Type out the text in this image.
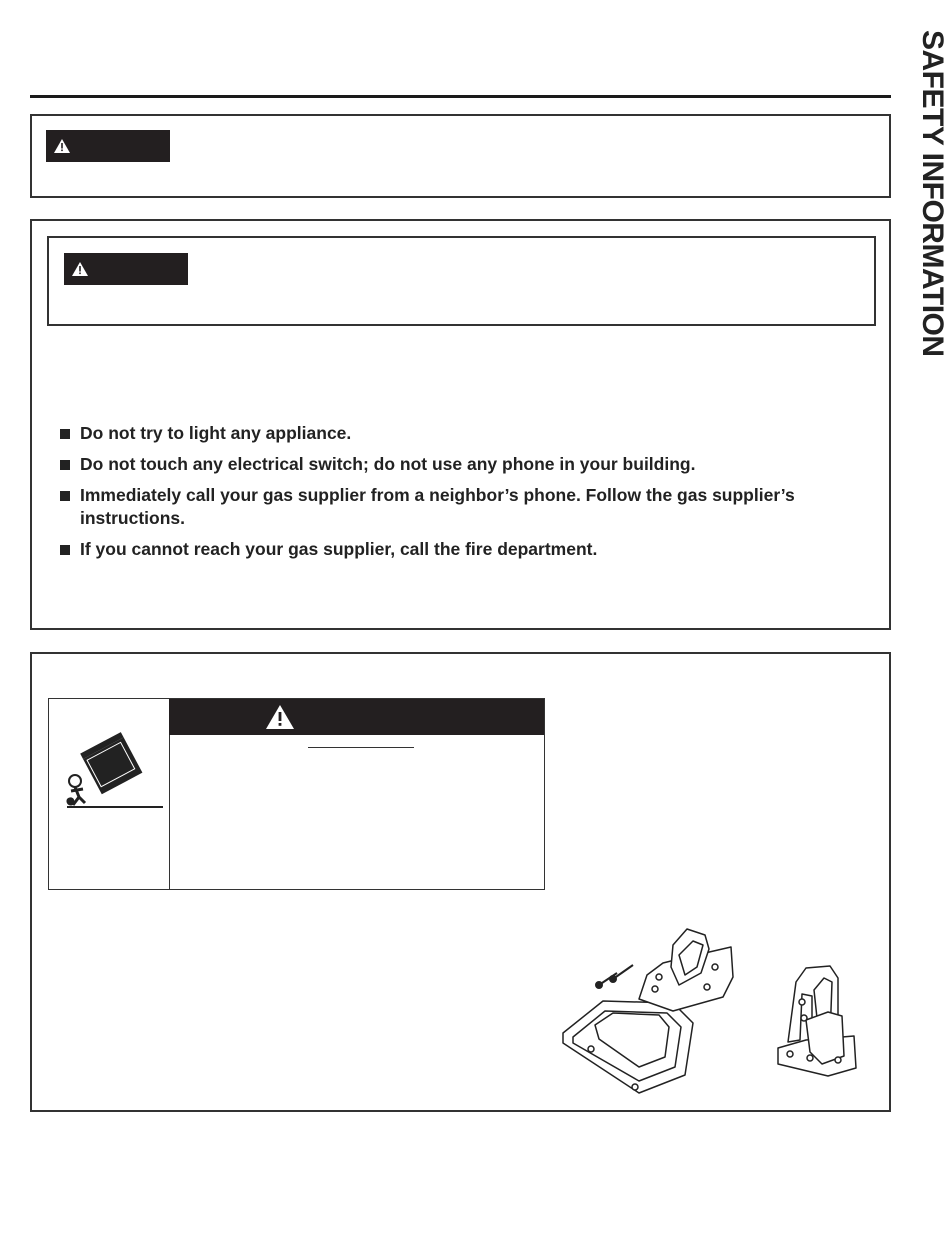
SAFETY INFORMATION
Do not try to light any appliance.
Do not touch any electrical switch; do not use any phone in your building.
Immediately call your gas supplier from a neighbor’s phone. Follow the gas supplier’s instructions.
If you cannot reach your gas supplier, call the fire department.
